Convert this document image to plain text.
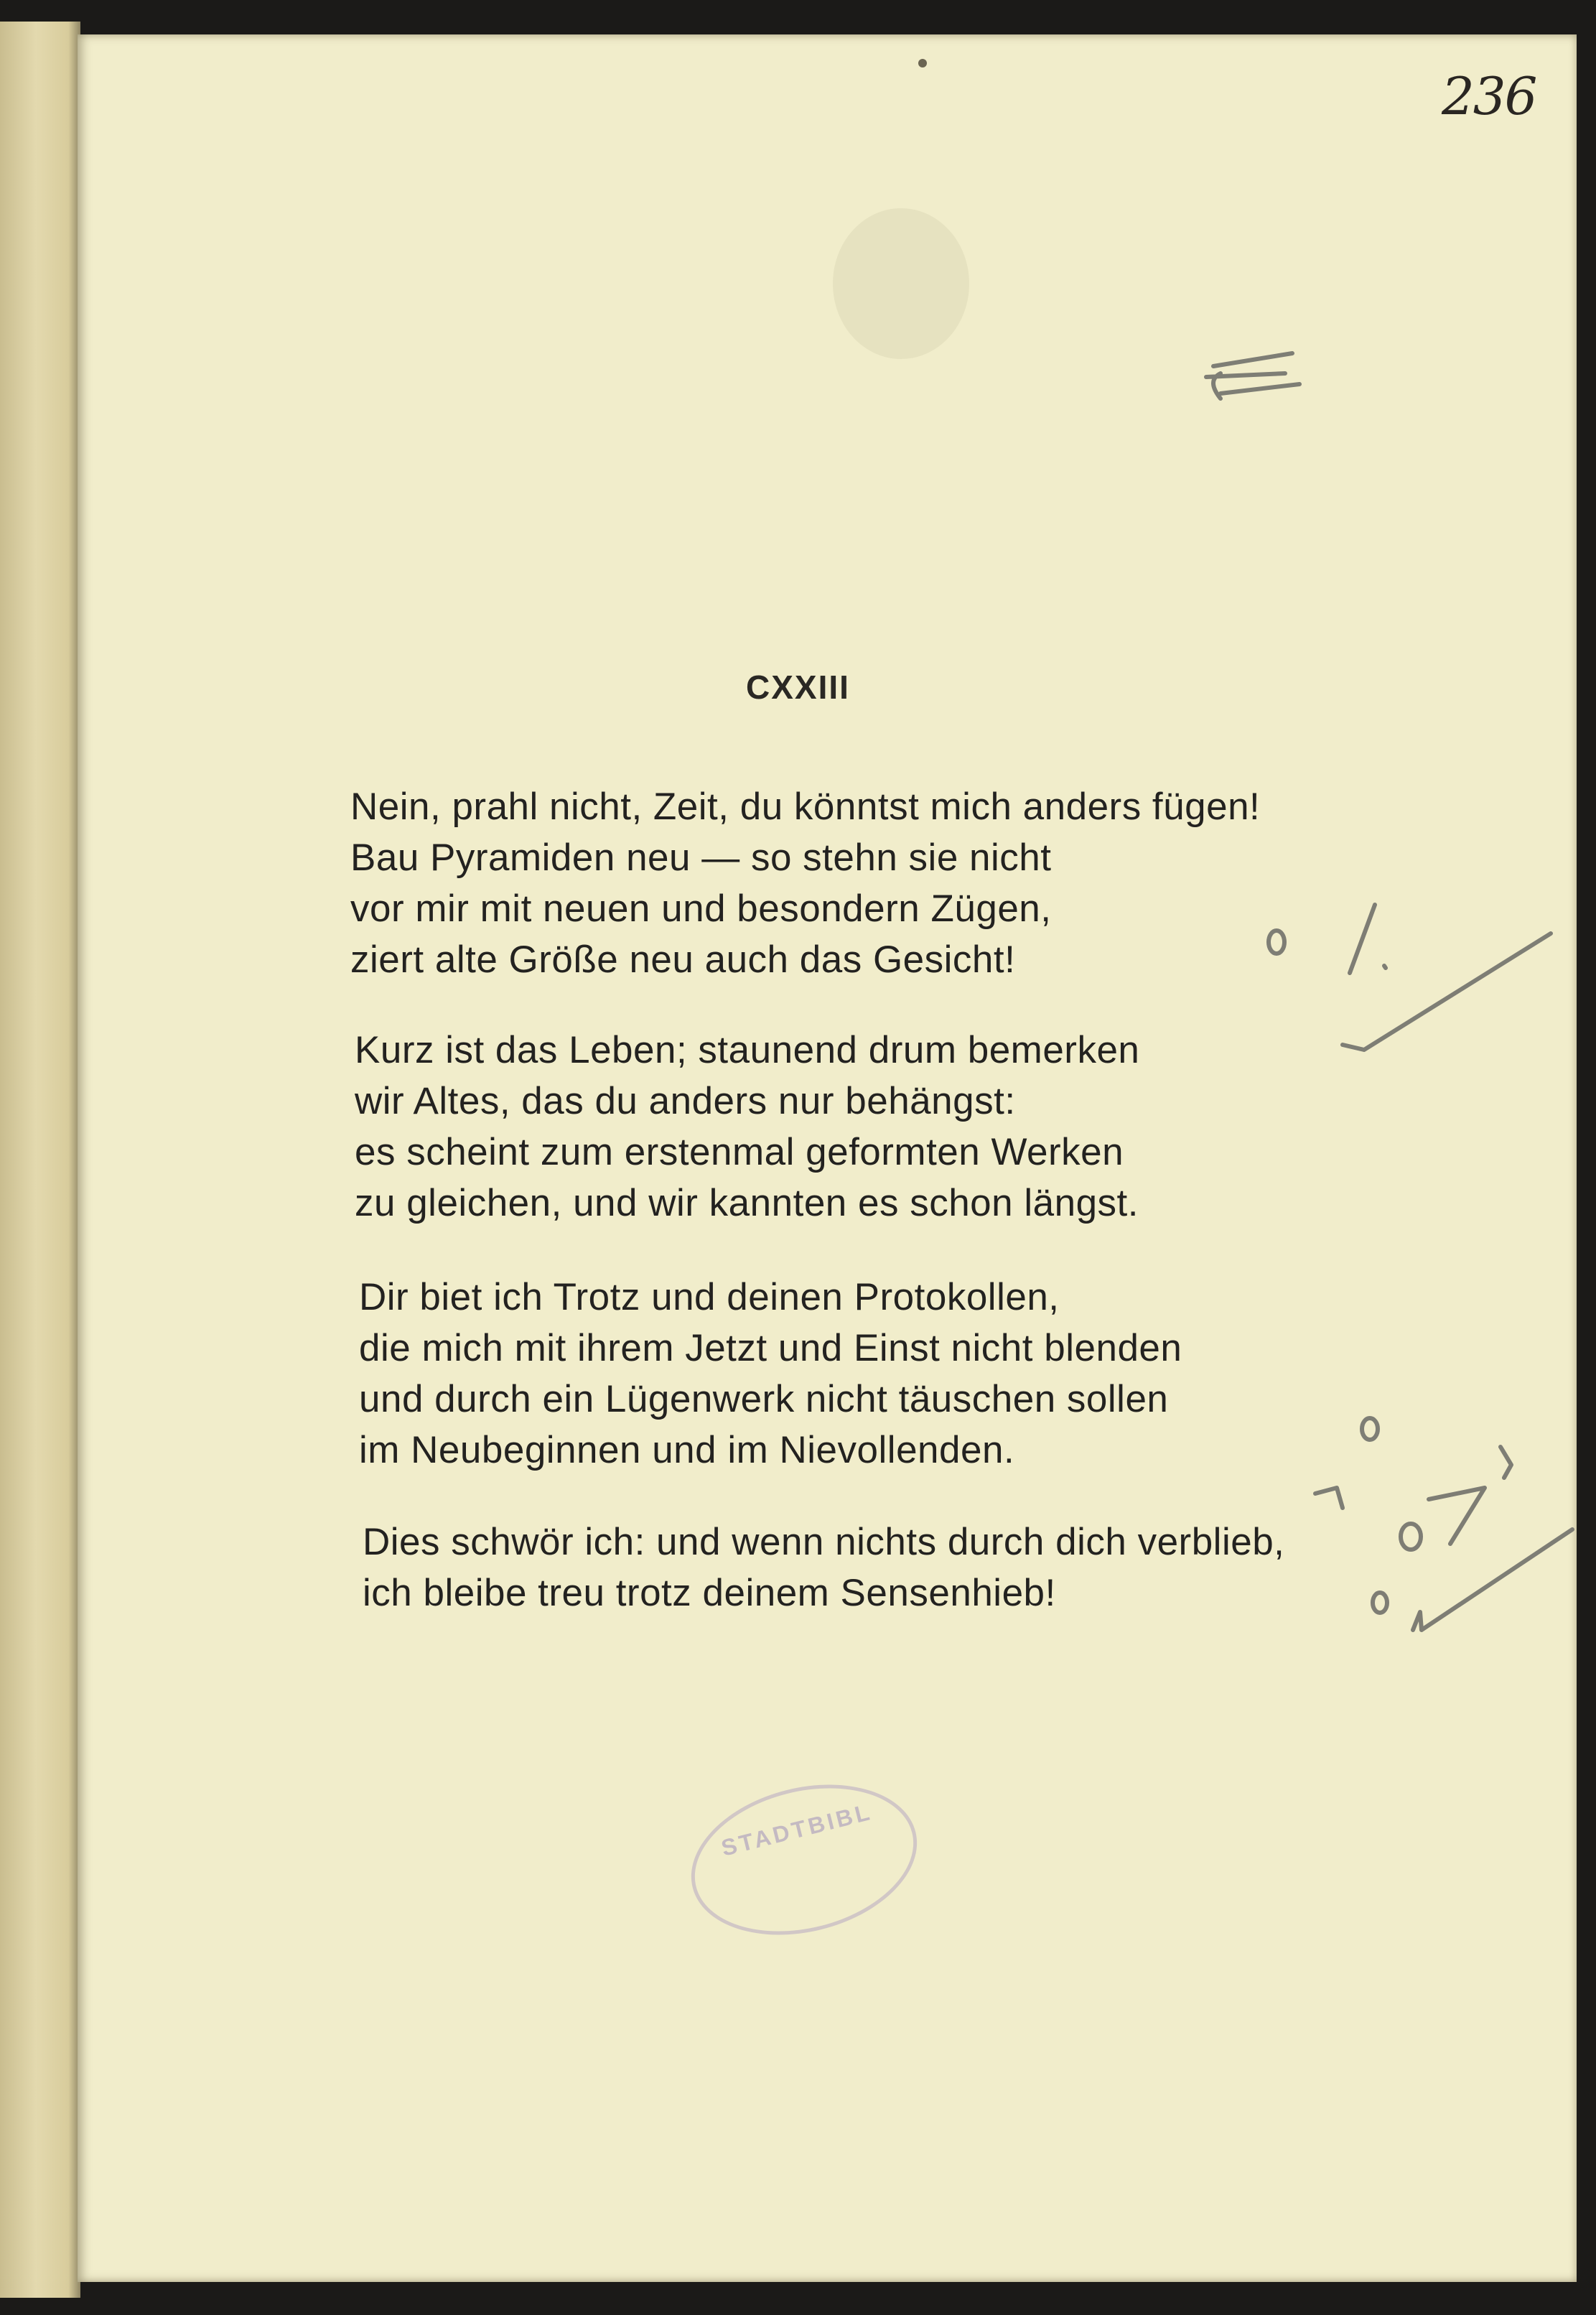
236
CXXIII
Nein, prahl nicht, Zeit, du könntst mich anders fügen!
Bau Pyramiden neu — so stehn sie nicht
vor mir mit neuen und besondern Zügen,
ziert alte Größe neu auch das Gesicht!
Kurz ist das Leben; staunend drum bemerken
wir Altes, das du anders nur behängst:
es scheint zum erstenmal geformten Werken
zu gleichen, und wir kannten es schon längst.
Dir biet ich Trotz und deinen Protokollen,
die mich mit ihrem Jetzt und Einst nicht blenden
und durch ein Lügenwerk nicht täuschen sollen
im Neubeginnen und im Nievollenden.
Dies schwör ich: und wenn nichts durch dich verblieb,
ich bleibe treu trotz deinem Sensenhieb!
STADTBIBL
